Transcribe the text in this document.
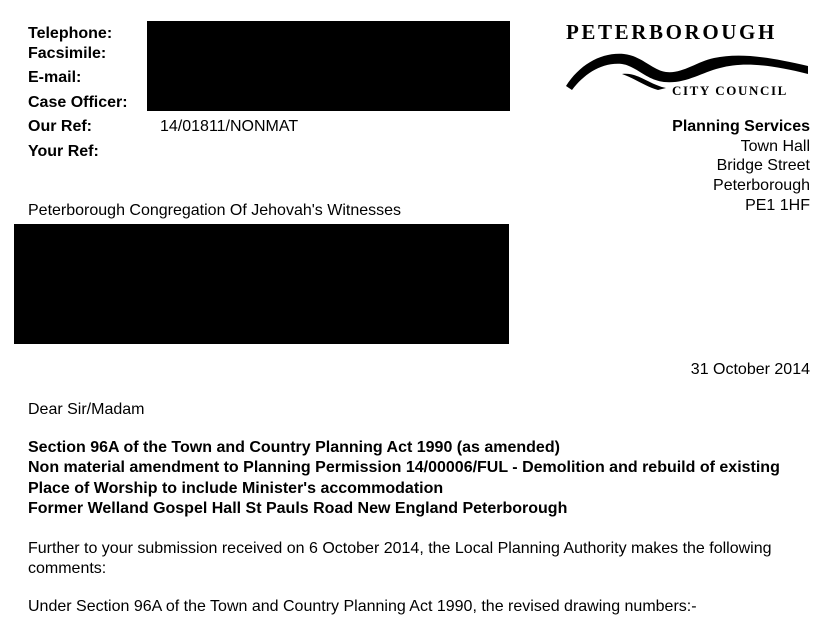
Telephone:
Facsimile:
E-mail:
Case Officer:
Our Ref:	14/01811/NONMAT
Your Ref:
PETERBOROUGH
CITY COUNCIL
Planning Services
Town Hall
Bridge Street
Peterborough
PE1 1HF
Peterborough Congregation Of Jehovah's Witnesses
31 October 2014
Dear Sir/Madam
Section 96A of the Town and Country Planning Act 1990 (as amended)
Non material amendment to Planning Permission 14/00006/FUL - Demolition and rebuild of existing Place of Worship to include Minister's accommodation
Former Welland Gospel Hall St Pauls Road New England Peterborough
Further to your submission received on 6 October 2014, the Local Planning Authority makes the following comments:
Under Section 96A of the Town and Country Planning Act 1990, the revised drawing numbers:-
